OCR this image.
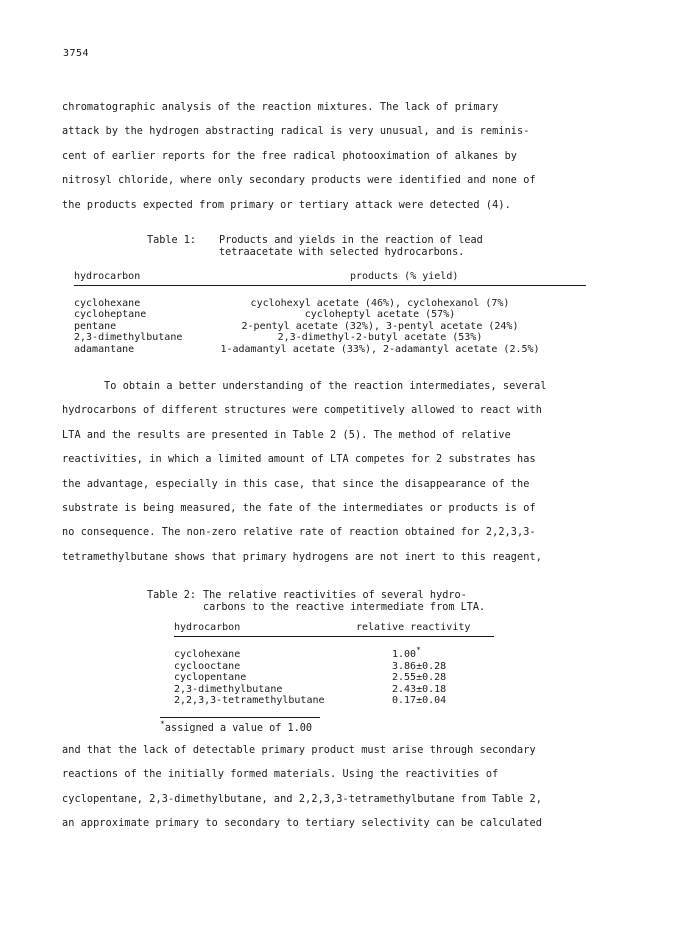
3754

chromatographic analysis of the reaction mixtures. The lack of primary
attack by the hydrogen abstracting radical is very unusual, and is reminis-
cent of earlier reports for the free radical photooximation of alkanes by
nitrosyl chloride, where only secondary products were identified and none of
the products expected from primary or tertiary attack were detected (4).

Table 1: Products and yields in the reaction of lead
tetraacetate with selected hydrocarbons.
hydrocarbon	products (% yield)
cyclohexane	cyclohexyl acetate (46%), cyclohexanol (7%)
cycloheptane	cycloheptyl acetate (57%)
pentane	2-pentyl acetate (32%), 3-pentyl acetate (24%)
2,3-dimethylbutane	2,3-dimethyl-2-butyl acetate (53%)
adamantane	1-adamantyl acetate (33%), 2-adamantyl acetate (2.5%)

To obtain a better understanding of the reaction intermediates, several
hydrocarbons of different structures were competitively allowed to react with
LTA and the results are presented in Table 2 (5). The method of relative
reactivities, in which a limited amount of LTA competes for 2 substrates has
the advantage, especially in this case, that since the disappearance of the
substrate is being measured, the fate of the intermediates or products is of
no consequence. The non-zero relative rate of reaction obtained for 2,2,3,3-
tetramethylbutane shows that primary hydrogens are not inert to this reagent,

Table 2: The relative reactivities of several hydro-
carbons to the reactive intermediate from LTA.
hydrocarbon	relative reactivity
cyclohexane	1.00*
cyclooctane	3.86±0.28
cyclopentane	2.55±0.28
2,3-dimethylbutane	2.43±0.18
2,2,3,3-tetramethylbutane	0.17±0.04
*assigned a value of 1.00

and that the lack of detectable primary product must arise through secondary
reactions of the initially formed materials. Using the reactivities of
cyclopentane, 2,3-dimethylbutane, and 2,2,3,3-tetramethylbutane from Table 2,
an approximate primary to secondary to tertiary selectivity can be calculated
